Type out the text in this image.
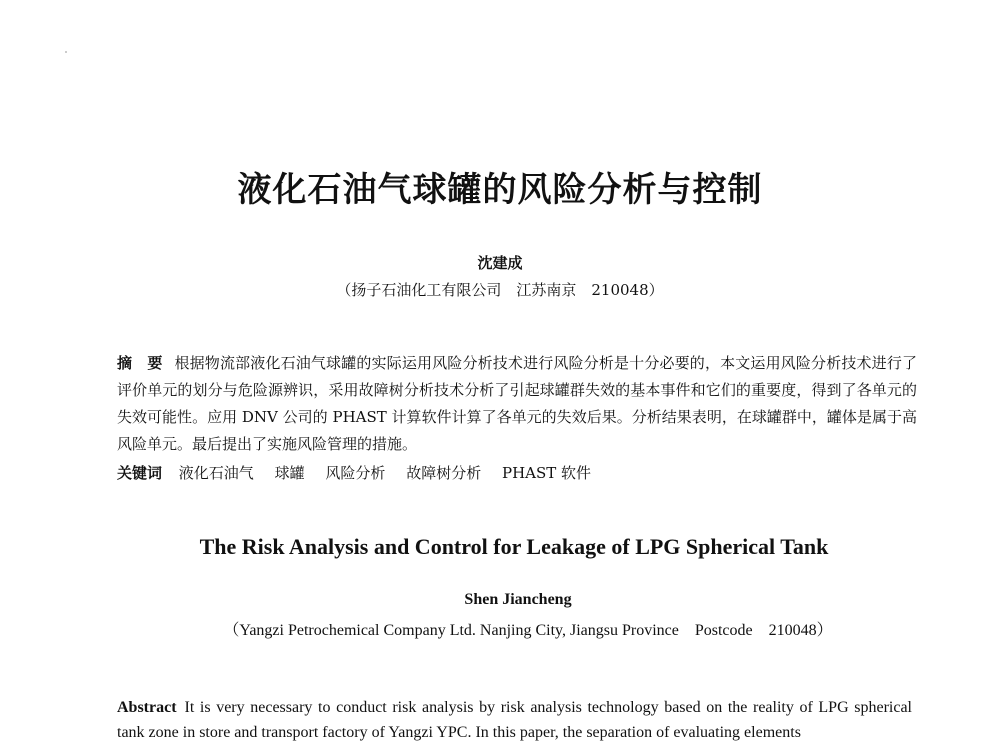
液化石油气球罐的风险分析与控制
沈建成
（扬子石油化工有限公司　江苏南京　210048）
摘　要 根据物流部液化石油气球罐的实际运用风险分析技术进行风险分析是十分必要的，本文运用风险分析技术进行了评价单元的划分与危险源辨识，采用故障树分析技术分析了引起球罐群失效的基本事件和它们的重要度，得到了各单元的失效可能性。应用 DNV 公司的 PHAST 计算软件计算了各单元的失效后果。分析结果表明，在球罐群中，罐体是属于高风险单元。最后提出了实施风险管理的措施。
关键词 液化石油气 球罐 风险分析 故障树分析 PHAST 软件
The Risk Analysis and Control for Leakage of LPG Spherical Tank
Shen Jiancheng
（Yangzi Petrochemical Company Ltd. Nanjing City, Jiangsu Province　Postcode　210048）
Abstract It is very necessary to conduct risk analysis by risk analysis technology based on the reality of LPG spherical tank zone in store and transport factory of Yangzi YPC. In this paper, the separation of evaluating elements
